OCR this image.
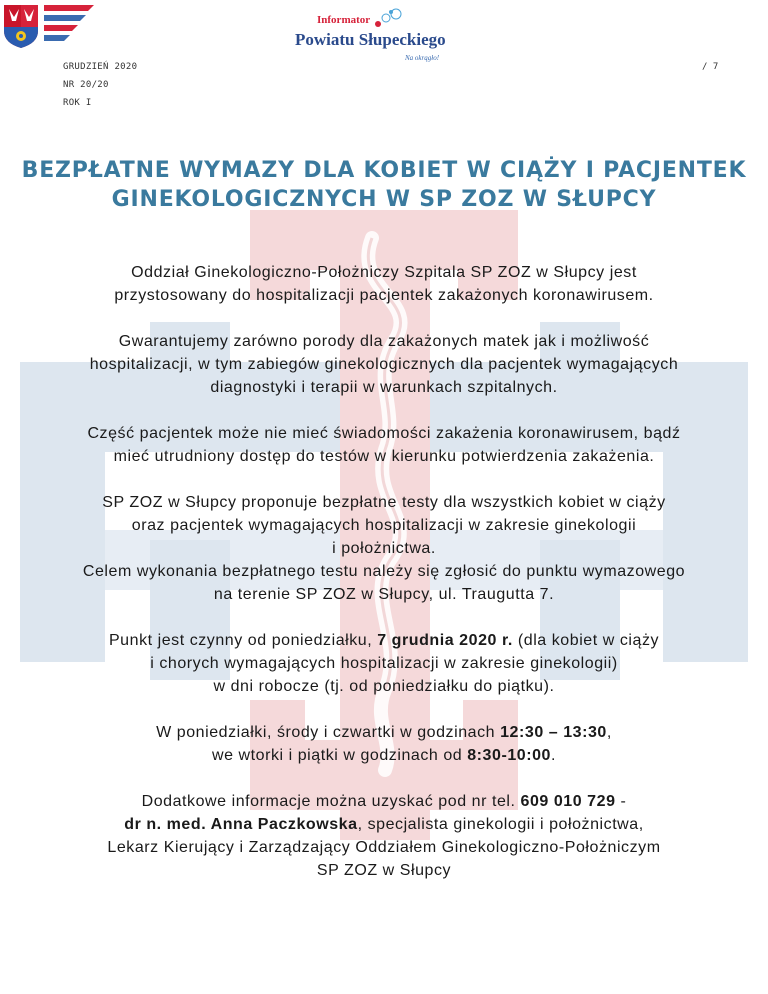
Informator
Powiatu Słupeckiego
Na okrągło!
GRUDZIEŃ 2020
NR 20/20
ROK I
/ 7
BEZPŁATNE WYMAZY DLA KOBIET W CIĄŻY I PACJENTEK
GINEKOLOGICZNYCH W SP ZOZ W SŁUPCY
Oddział Ginekologiczno-Położniczy Szpitala SP ZOZ w Słupcy jest
przystosowany do hospitalizacji pacjentek zakażonych koronawirusem.
Gwarantujemy zarówno porody dla zakażonych matek jak i możliwość
hospitalizacji, w tym zabiegów ginekologicznych dla pacjentek wymagających
diagnostyki i terapii w warunkach szpitalnych.
Część pacjentek może nie mieć świadomości zakażenia koronawirusem, bądź
mieć utrudniony dostęp do testów w kierunku potwierdzenia zakażenia.
SP ZOZ w Słupcy proponuje bezpłatne testy dla wszystkich kobiet w ciąży
oraz pacjentek wymagających hospitalizacji w zakresie ginekologii
i położnictwa.
Celem wykonania bezpłatnego testu należy się zgłosić do punktu wymazowego
na terenie SP ZOZ w Słupcy, ul. Traugutta 7.
Punkt jest czynny od poniedziałku, 7 grudnia 2020 r. (dla kobiet w ciąży
i chorych wymagających hospitalizacji w zakresie ginekologii)
w dni robocze (tj. od poniedziałku do piątku).
W poniedziałki, środy i czwartki w godzinach 12:30 – 13:30,
we wtorki i piątki w godzinach od 8:30-10:00.
Dodatkowe informacje można uzyskać pod nr tel. 609 010 729 -
dr n. med. Anna Paczkowska, specjalista ginekologii i położnictwa,
Lekarz Kierujący i Zarządzający Oddziałem Ginekologiczno-Położniczym
SP ZOZ w Słupcy
